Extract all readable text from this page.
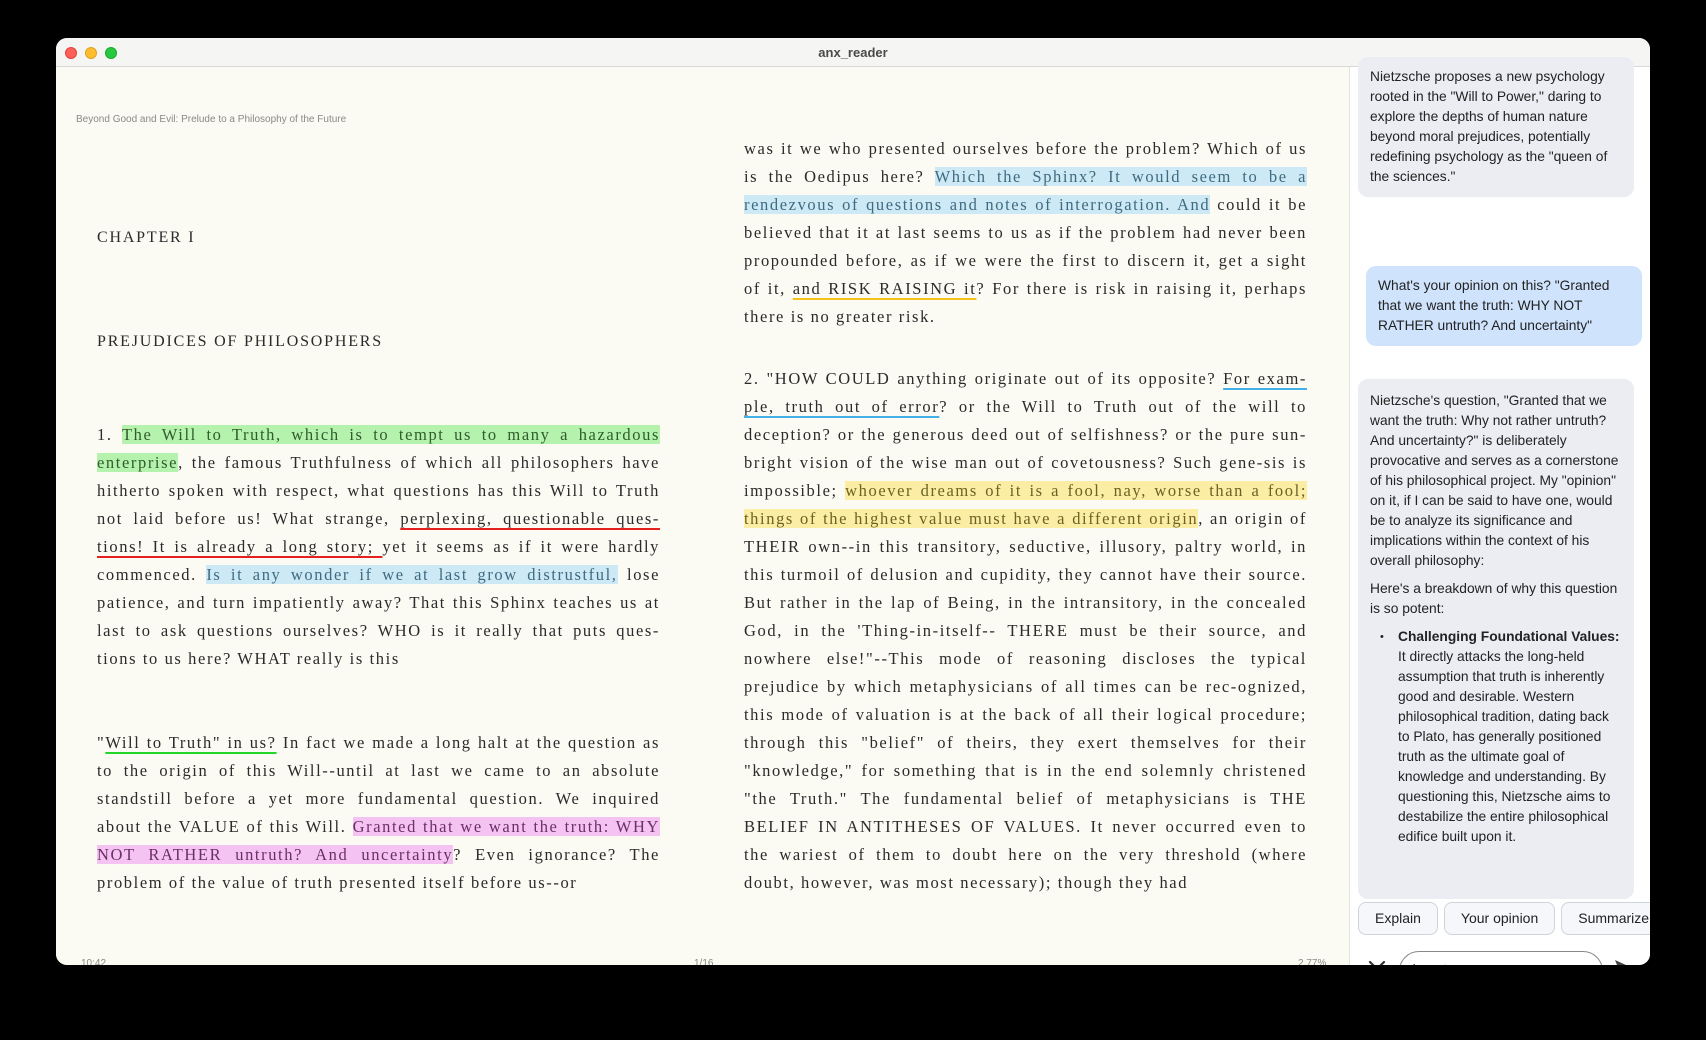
anx_reader
Beyond Good and Evil: Prelude to a Philosophy of the Future
CHAPTER I
PREJUDICES OF PHILOSOPHERS
1. The Will to Truth, which is to tempt us to many a hazardous enterprise, the famous Truthfulness of which all philosophers have hitherto spoken with respect, what questions has this Will to Truth not laid before us! What strange, perplexing, questionable ques-tions! It is already a long story; yet it seems as if it were hardly commenced. Is it any wonder if we at last grow distrustful, lose patience, and turn impatiently away? That this Sphinx teaches us at last to ask questions ourselves? WHO is it really that puts ques-tions to us here? WHAT really is this
"Will to Truth" in us? In fact we made a long halt at the question as to the origin of this Will--until at last we came to an absolute standstill before a yet more fundamental question. We inquired about the VALUE of this Will. Granted that we want the truth: WHY NOT RATHER untruth? And uncertainty? Even ignorance? The problem of the value of truth presented itself before us--or
was it we who presented ourselves before the problem? Which of us is the Oedipus here? Which the Sphinx? It would seem to be a rendezvous of questions and notes of interrogation. And could it be believed that it at last seems to us as if the problem had never been propounded before, as if we were the first to discern it, get a sight of it, and RISK RAISING it? For there is risk in raising it, perhaps there is no greater risk.
2. "HOW COULD anything originate out of its opposite? For exam-ple, truth out of error? or the Will to Truth out of the will to deception? or the generous deed out of selfishness? or the pure sun-bright vision of the wise man out of covetousness? Such gene-sis is impossible; whoever dreams of it is a fool, nay, worse than a fool; things of the highest value must have a different origin, an origin of THEIR own--in this transitory, seductive, illusory, paltry world, in this turmoil of delusion and cupidity, they cannot have their source. But rather in the lap of Being, in the intransitory, in the concealed God, in the 'Thing-in-itself-- THERE must be their source, and nowhere else!"--This mode of reasoning discloses the typical prejudice by which metaphysicians of all times can be rec-ognized, this mode of valuation is at the back of all their logical procedure; through this "belief" of theirs, they exert themselves for their "knowledge," for something that is in the end solemnly christened "the Truth." The fundamental belief of metaphysicians is THE BELIEF IN ANTITHESES OF VALUES. It never occurred even to the wariest of them to doubt here on the very threshold (where doubt, however, was most necessary); though they had
10:42	1/16	2.77%
Nietzsche proposes a new psychology rooted in the "Will to Power," daring to explore the depths of human nature beyond moral prejudices, potentially redefining psychology as the "queen of the sciences."
What's your opinion on this? "Granted that we want the truth: WHY NOT RATHER untruth? And uncertainty"

Nietzsche's question, "Granted that we want the truth: Why not rather untruth? And uncertainty?" is deliberately provocative and serves as a cornerstone of his philosophical project. My "opinion" on it, if I can be said to have one, would be to analyze its significance and implications within the context of his overall philosophy:

Here's a breakdown of why this question is so potent:

• Challenging Foundational Values: It directly attacks the long-held assumption that truth is inherently good and desirable. Western philosophical tradition, dating back to Plato, has generally positioned truth as the ultimate goal of knowledge and understanding. By questioning this, Nietzsche aims to destabilize the entire philosophical edifice built upon it.
Explain	Your opinion	Summarize
Input message...
